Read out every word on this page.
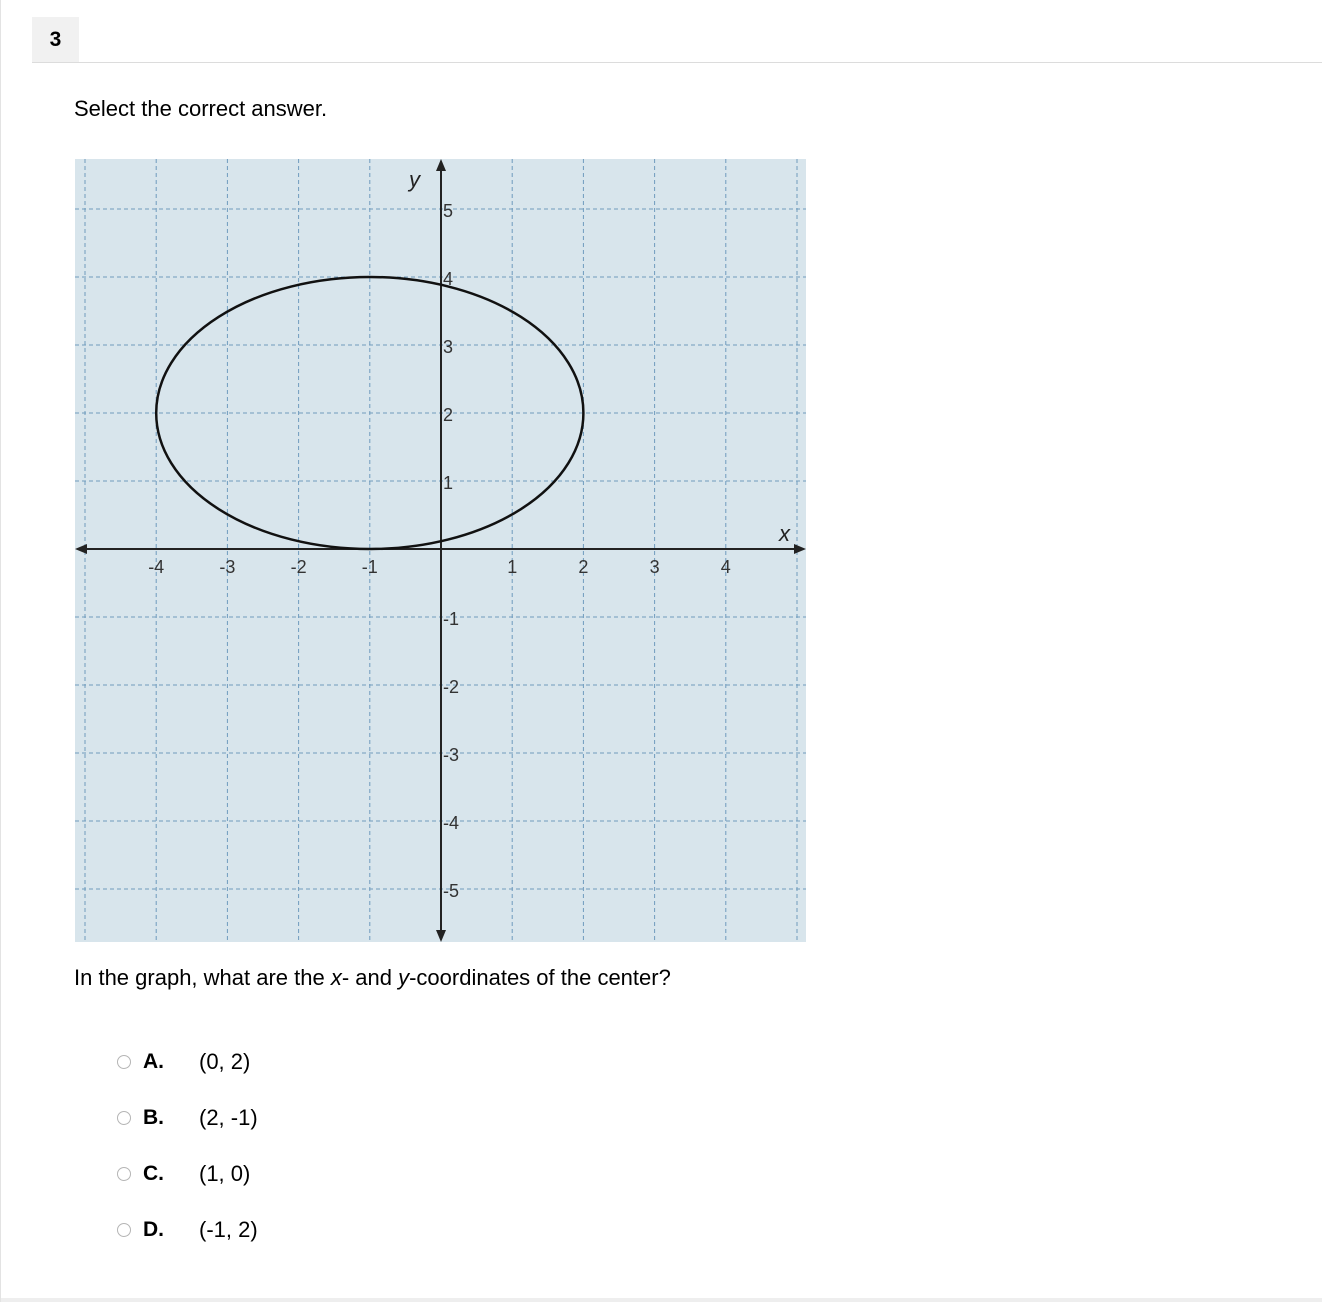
3
Select the correct answer.
x
y
-4	-3	-2	-1	1	2	3	4
5
4
3
2
1
-1
-2
-3
-4
-5
In the graph, what are the x- and y-coordinates of the center?
A. (0, 2)
B. (2, -1)
C. (1, 0)
D. (-1, 2)
